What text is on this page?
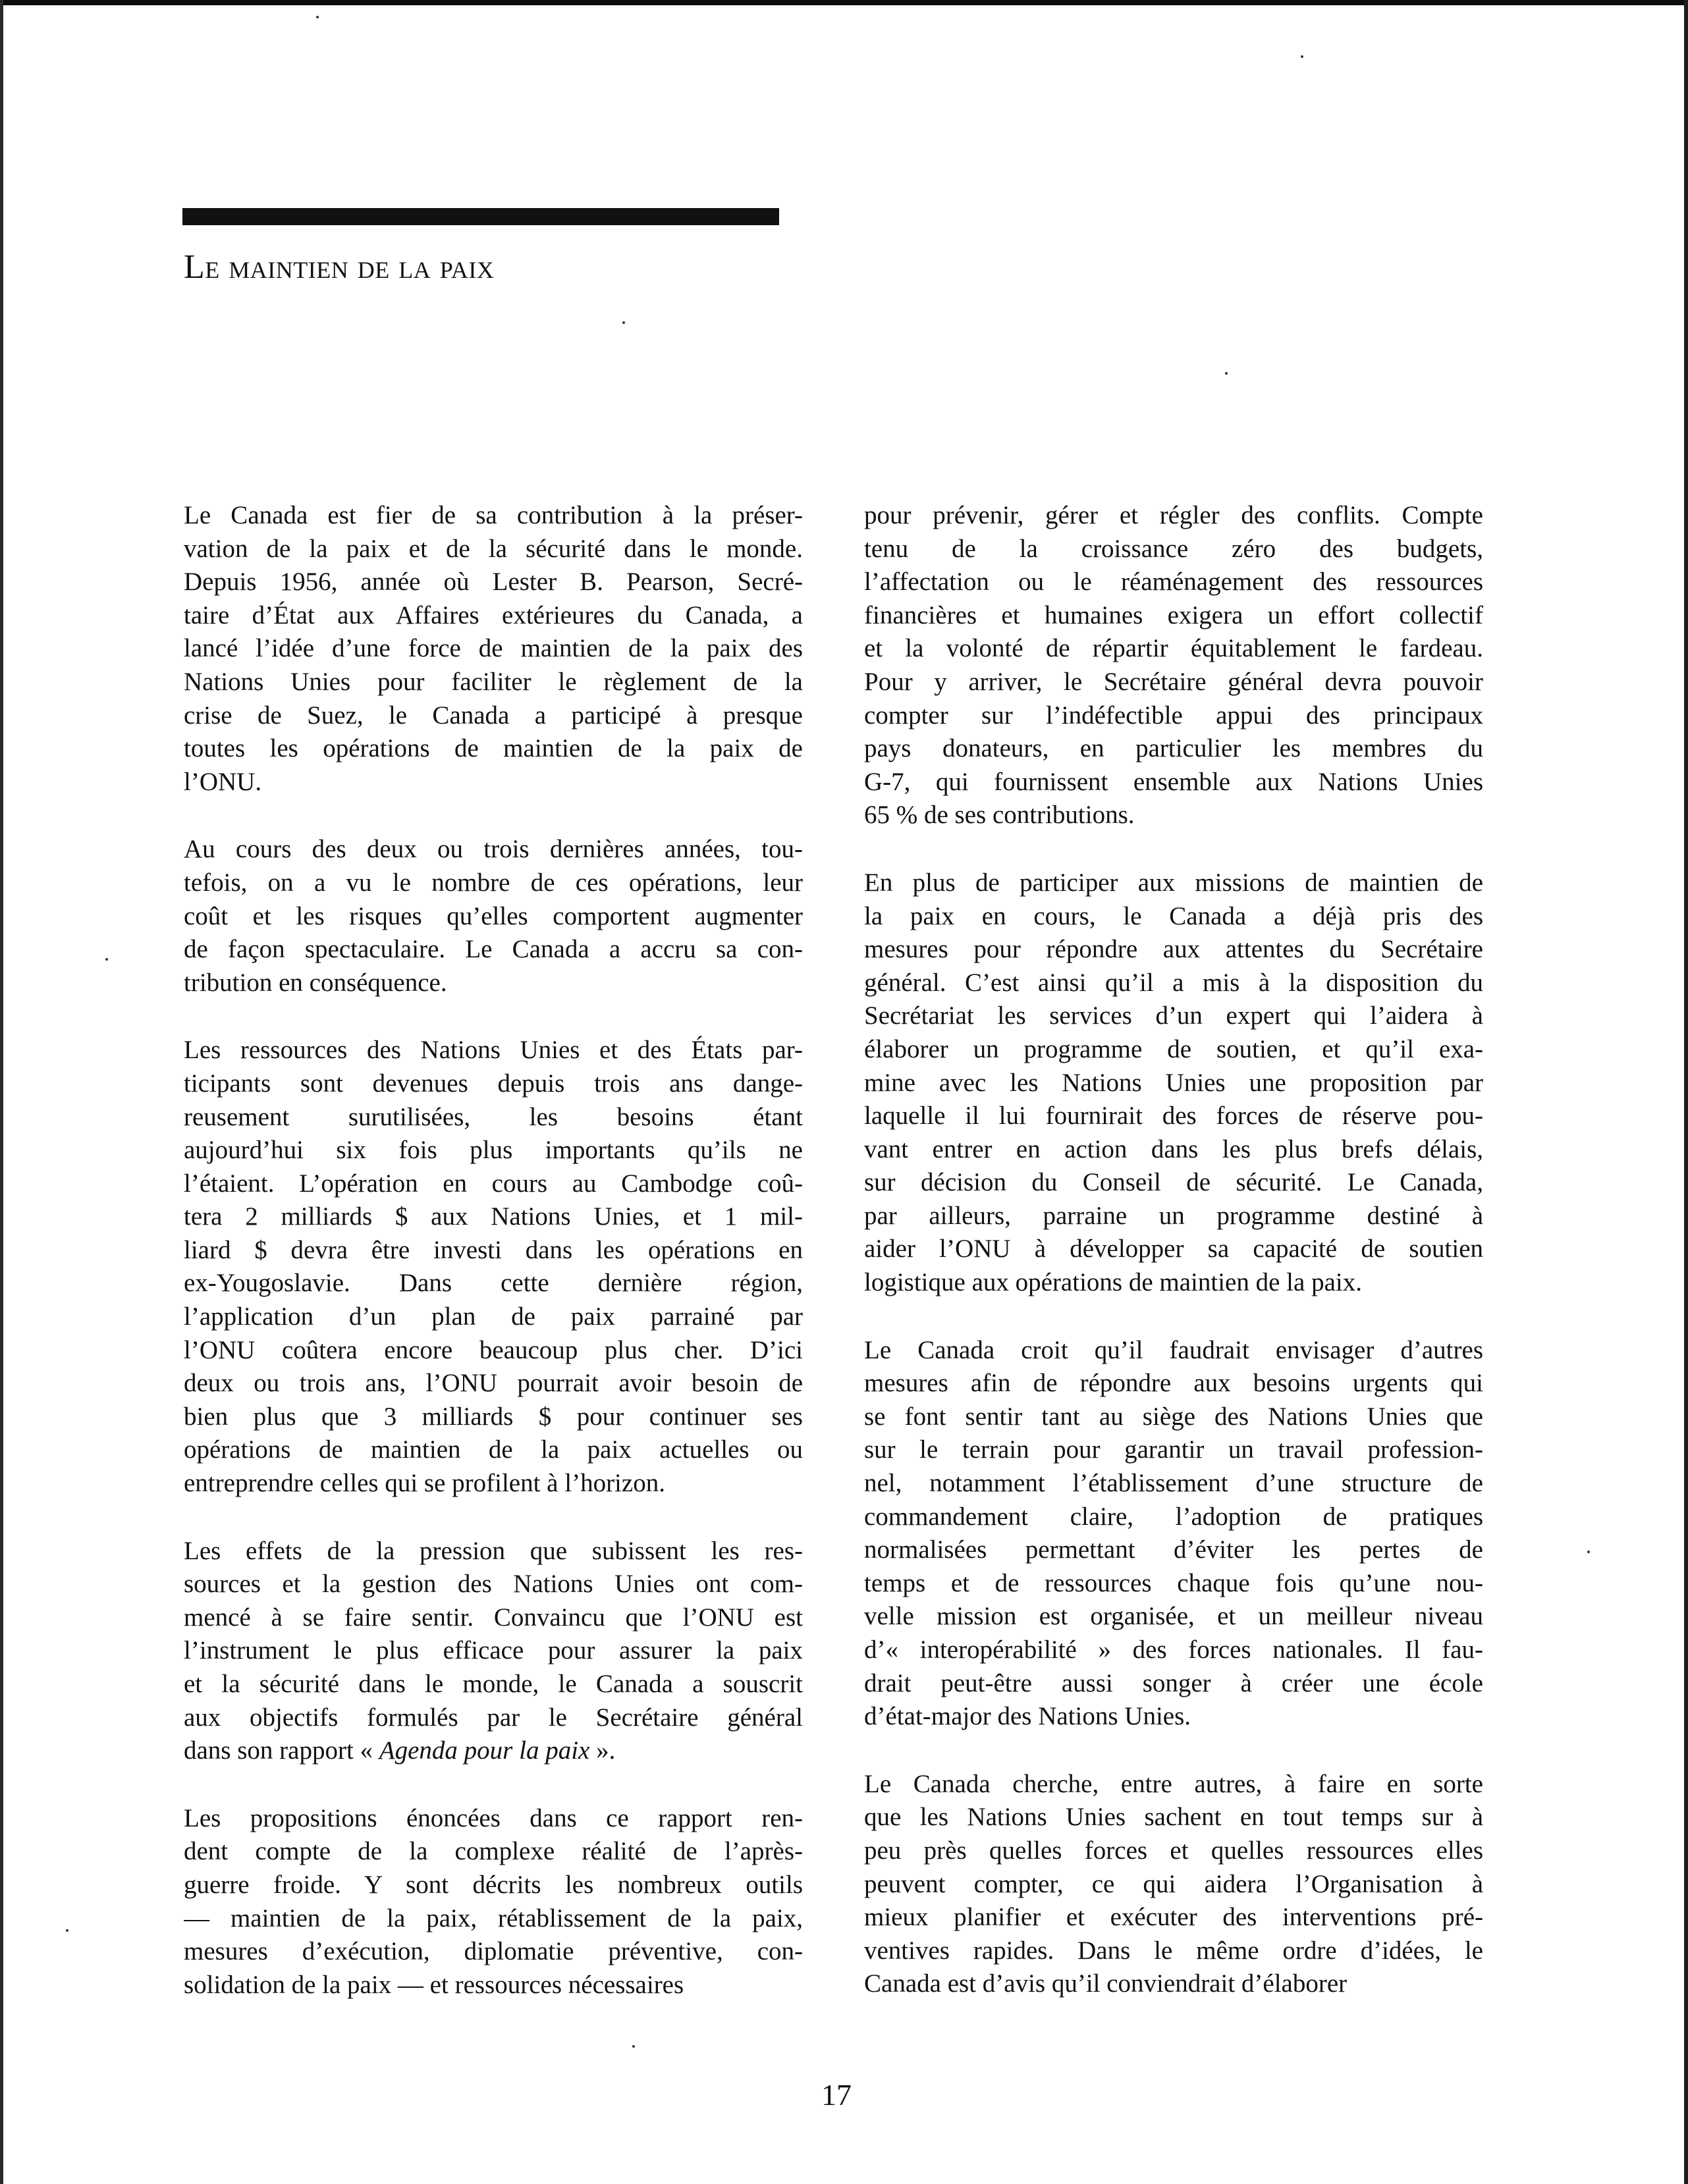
Le maintien de la paix
Le Canada est fier de sa contribution à la préser-
vation de la paix et de la sécurité dans le monde.
Depuis 1956, année où Lester B. Pearson, Secré-
taire d’État aux Affaires extérieures du Canada, a
lancé l’idée d’une force de maintien de la paix des
Nations Unies pour faciliter le règlement de la
crise de Suez, le Canada a participé à presque
toutes les opérations de maintien de la paix de
l’ONU.
Au cours des deux ou trois dernières années, tou-
tefois, on a vu le nombre de ces opérations, leur
coût et les risques qu’elles comportent augmenter
de façon spectaculaire. Le Canada a accru sa con-
tribution en conséquence.
Les ressources des Nations Unies et des États par-
ticipants sont devenues depuis trois ans dange-
reusement surutilisées, les besoins étant
aujourd’hui six fois plus importants qu’ils ne
l’étaient. L’opération en cours au Cambodge coû-
tera 2 milliards $ aux Nations Unies, et 1 mil-
liard $ devra être investi dans les opérations en
ex-Yougoslavie. Dans cette dernière région,
l’application d’un plan de paix parrainé par
l’ONU coûtera encore beaucoup plus cher. D’ici
deux ou trois ans, l’ONU pourrait avoir besoin de
bien plus que 3 milliards $ pour continuer ses
opérations de maintien de la paix actuelles ou
entreprendre celles qui se profilent à l’horizon.
Les effets de la pression que subissent les res-
sources et la gestion des Nations Unies ont com-
mencé à se faire sentir. Convaincu que l’ONU est
l’instrument le plus efficace pour assurer la paix
et la sécurité dans le monde, le Canada a souscrit
aux objectifs formulés par le Secrétaire général
dans son rapport « Agenda pour la paix ».
Les propositions énoncées dans ce rapport ren-
dent compte de la complexe réalité de l’après-
guerre froide. Y sont décrits les nombreux outils
— maintien de la paix, rétablissement de la paix,
mesures d’exécution, diplomatie préventive, con-
solidation de la paix — et ressources nécessaires
pour prévenir, gérer et régler des conflits. Compte
tenu de la croissance zéro des budgets,
l’affectation ou le réaménagement des ressources
financières et humaines exigera un effort collectif
et la volonté de répartir équitablement le fardeau.
Pour y arriver, le Secrétaire général devra pouvoir
compter sur l’indéfectible appui des principaux
pays donateurs, en particulier les membres du
G-7, qui fournissent ensemble aux Nations Unies
65 % de ses contributions.
En plus de participer aux missions de maintien de
la paix en cours, le Canada a déjà pris des
mesures pour répondre aux attentes du Secrétaire
général. C’est ainsi qu’il a mis à la disposition du
Secrétariat les services d’un expert qui l’aidera à
élaborer un programme de soutien, et qu’il exa-
mine avec les Nations Unies une proposition par
laquelle il lui fournirait des forces de réserve pou-
vant entrer en action dans les plus brefs délais,
sur décision du Conseil de sécurité. Le Canada,
par ailleurs, parraine un programme destiné à
aider l’ONU à développer sa capacité de soutien
logistique aux opérations de maintien de la paix.
Le Canada croit qu’il faudrait envisager d’autres
mesures afin de répondre aux besoins urgents qui
se font sentir tant au siège des Nations Unies que
sur le terrain pour garantir un travail profession-
nel, notamment l’établissement d’une structure de
commandement claire, l’adoption de pratiques
normalisées permettant d’éviter les pertes de
temps et de ressources chaque fois qu’une nou-
velle mission est organisée, et un meilleur niveau
d’« interopérabilité » des forces nationales. Il fau-
drait peut-être aussi songer à créer une école
d’état-major des Nations Unies.
Le Canada cherche, entre autres, à faire en sorte
que les Nations Unies sachent en tout temps sur à
peu près quelles forces et quelles ressources elles
peuvent compter, ce qui aidera l’Organisation à
mieux planifier et exécuter des interventions pré-
ventives rapides. Dans le même ordre d’idées, le
Canada est d’avis qu’il conviendrait d’élaborer
17
